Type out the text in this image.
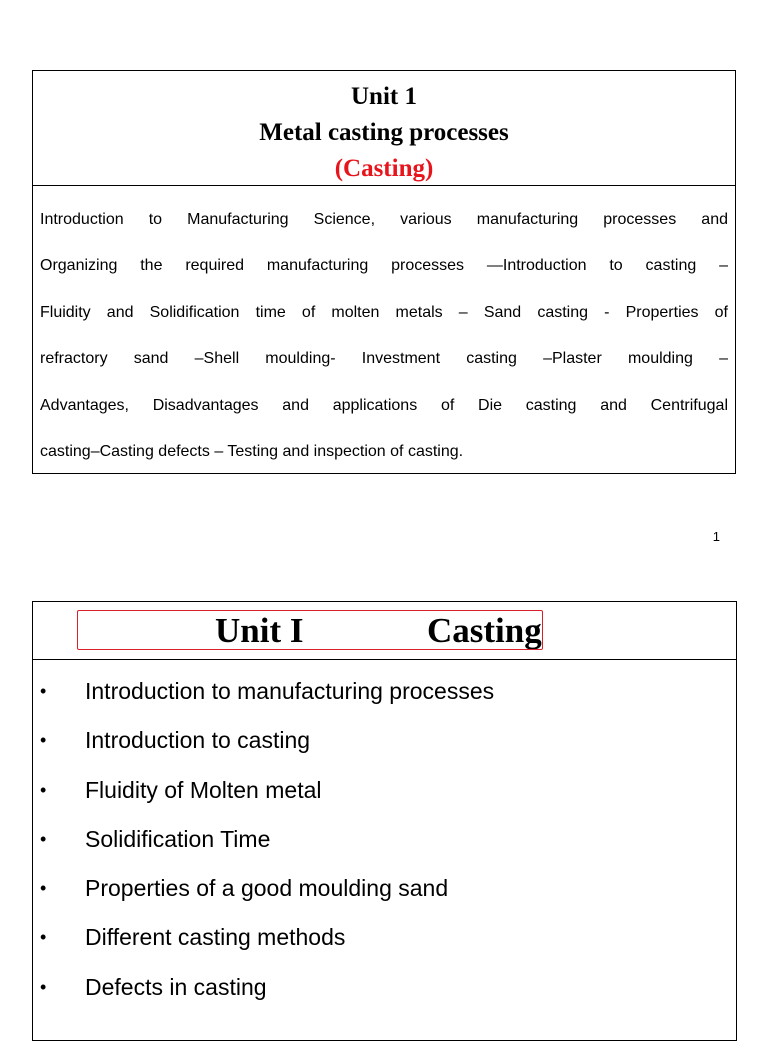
Unit 1
Metal casting processes
(Casting)
Introduction to Manufacturing Science, various manufacturing processes and
Organizing the required manufacturing processes —Introduction to casting –
Fluidity and Solidification time of molten metals – Sand casting - Properties of
refractory sand –Shell moulding- Investment casting –Plaster moulding –
Advantages, Disadvantages and applications of Die casting and Centrifugal
casting–Casting defects – Testing and inspection of casting.
1
Unit I	Casting
• Introduction to manufacturing processes
• Introduction to casting
• Fluidity of Molten metal
• Solidification Time
• Properties of a good moulding sand
• Different casting methods
• Defects in casting
